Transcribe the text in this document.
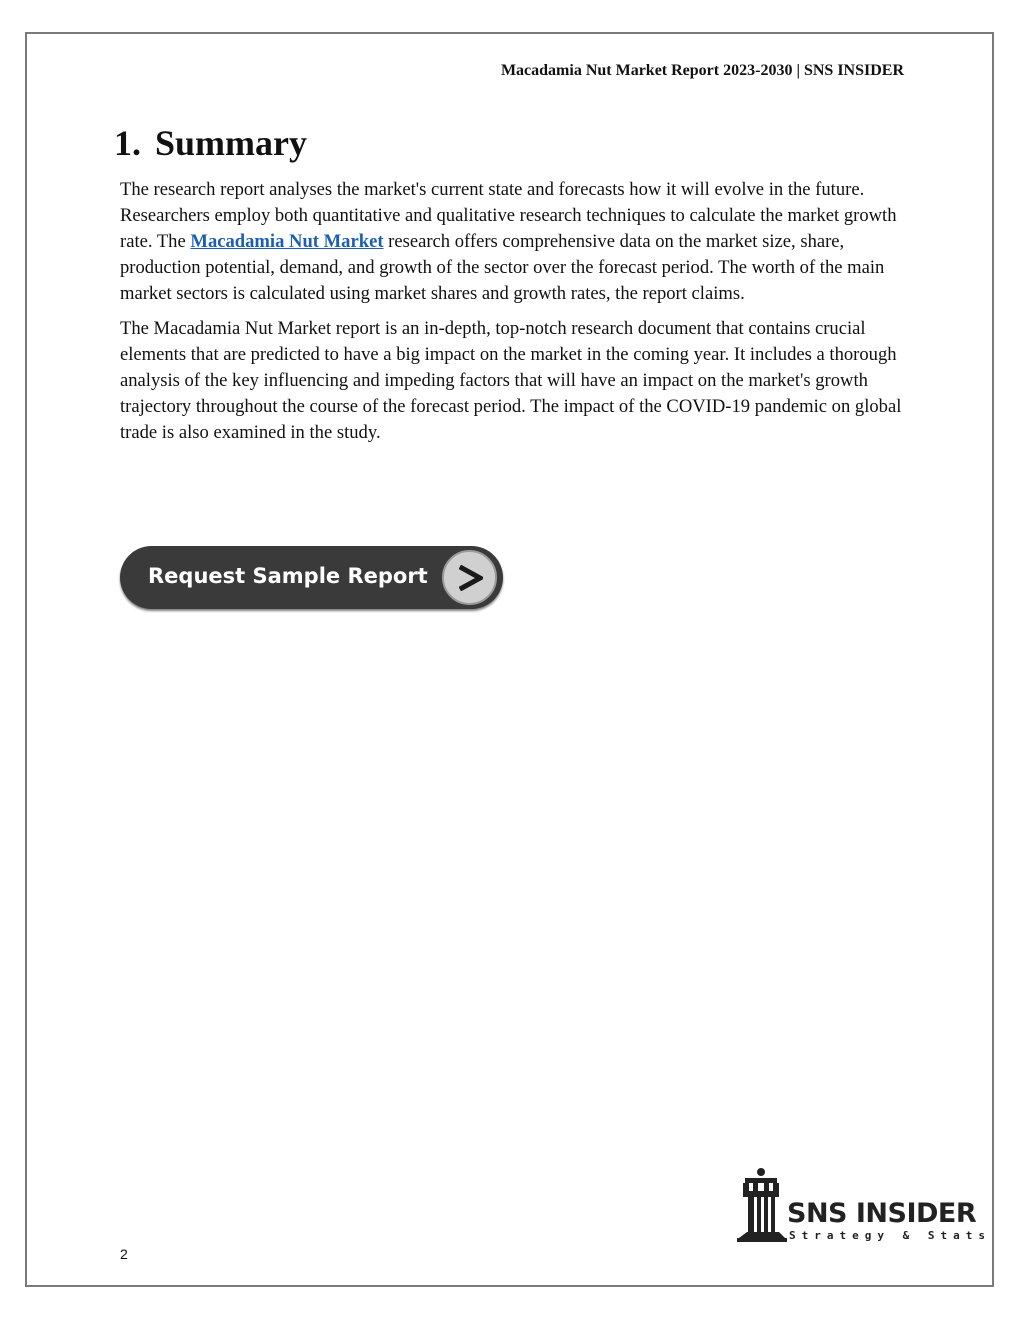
Macadamia Nut Market Report 2023-2030 | SNS INSIDER
1. Summary

The research report analyses the market's current state and forecasts how it will evolve in the future. Researchers employ both quantitative and qualitative research techniques to calculate the market growth rate. The Macadamia Nut Market research offers comprehensive data on the market size, share, production potential, demand, and growth of the sector over the forecast period. The worth of the main market sectors is calculated using market shares and growth rates, the report claims.

The Macadamia Nut Market report is an in-depth, top-notch research document that contains crucial elements that are predicted to have a big impact on the market in the coming year. It includes a thorough analysis of the key influencing and impeding factors that will have an impact on the market's growth trajectory throughout the course of the forecast period. The impact of the COVID-19 pandemic on global trade is also examined in the study.

Request Sample Report
2
SNS INSIDER
Strategy & Stats
